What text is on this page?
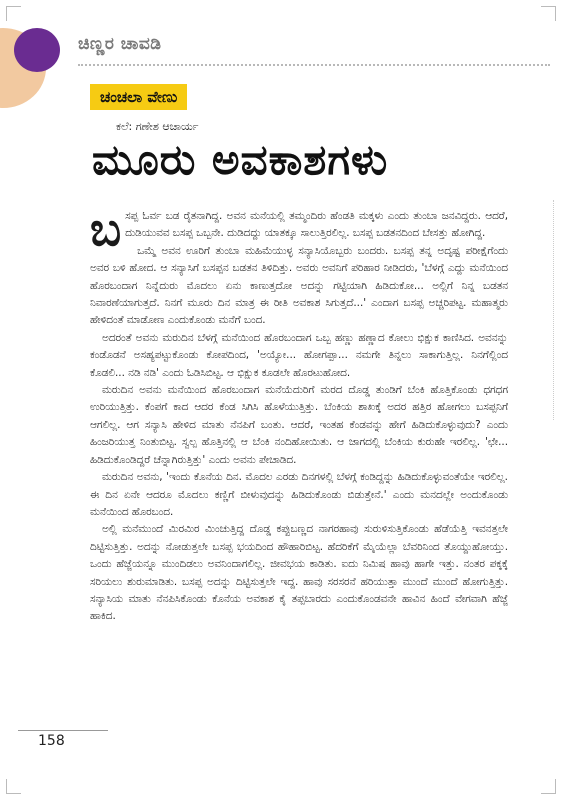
ಚಿಣ್ಣರ ಚಾವಡಿ
ಚಂಚಲಾ ವೇಣು
ಕಲೆ: ಗಣೇಶ ಆಚಾರ್ಯ
ಮೂರು ಅವಕಾಶಗಳು

ಬಸಪ್ಪ ಓರ್ವ ಬಡ ರೈತನಾಗಿದ್ದ. ಅವನ ಮನೆಯಲ್ಲಿ ತಮ್ಮಂದಿರು ಹೆಂಡತಿ ಮಕ್ಕಳು ಎಂದು ತುಂಬಾ ಜನವಿದ್ದರು. ಆದರೆ, ದುಡಿಯುವವ ಬಸಪ್ಪ ಒಬ್ಬನೇ. ದುಡಿದದ್ದು ಯಾತಕ್ಕೂ ಸಾಲುತ್ತಿರಲಿಲ್ಲ. ಬಸಪ್ಪ ಬಡತನದಿಂದ ಬೇಸತ್ತು ಹೋಗಿದ್ದ.

ಒಮ್ಮೆ ಅವನ ಊರಿಗೆ ತುಂಬಾ ಮಹಿಮೆಯುಳ್ಳ ಸನ್ಯಾಸಿಯೊಬ್ಬರು ಬಂದರು. ಬಸಪ್ಪ ತನ್ನ ಅದೃಷ್ಟ ಪರೀಕ್ಷೆಗೆಂದು ಅವರ ಬಳಿ ಹೋದ. ಆ ಸನ್ಯಾಸಿಗೆ ಬಸಪ್ಪನ ಬಡತನ ತಿಳಿದಿತ್ತು. ಅವರು ಅವನಿಗೆ ಪರಿಹಾರ ನೀಡಿದರು, 'ಬೆಳಗ್ಗೆ ಎದ್ದು ಮನೆಯಿಂದ ಹೊರಬಂದಾಗ ನಿನ್ನೆದುರು ಮೊದಲು ಏನು ಕಾಣುತ್ತದೋ ಅದನ್ನು ಗಟ್ಟಿಯಾಗಿ ಹಿಡಿದುಕೋ... ಅಲ್ಲಿಗೆ ನಿನ್ನ ಬಡತನ ನಿವಾರಣೆಯಾಗುತ್ತದೆ. ನಿನಗೆ ಮೂರು ದಿನ ಮಾತ್ರ ಈ ರೀತಿ ಅವಕಾಶ ಸಿಗುತ್ತದೆ...' ಎಂದಾಗ ಬಸಪ್ಪ ಅಚ್ಚರಿಪಟ್ಟ. ಮಹಾತ್ಮರು ಹೇಳಿದಂತೆ ಮಾಡೋಣ ಎಂದುಕೊಂಡು ಮನೆಗೆ ಬಂದ.

ಅದರಂತೆ ಅವನು ಮರುದಿನ ಬೆಳಗ್ಗೆ ಮನೆಯಿಂದ ಹೊರಬಂದಾಗ ಒಬ್ಬ ಹಣ್ಣು ಹಣ್ಣಾದ ಕೋಲು ಭಿಕ್ಷುಕ ಕಾಣಿಸಿದ. ಅವನನ್ನು ಕಂಡೊಡನೆ ಅಸಹ್ಯಪಟ್ಟುಕೊಂಡು ಕೋಪದಿಂದ, 'ಅಯ್ಯೋ... ಹೋಗಪ್ಪಾ... ನಮಗೇ ತಿನ್ನಲು ಸಾಕಾಗುತ್ತಿಲ್ಲ. ನಿನಗೆಲ್ಲಿಂದ ಕೊಡಲಿ... ನಡಿ ನಡಿ' ಎಂದು ಓಡಿಸಿಬಿಟ್ಟ. ಆ ಭಿಕ್ಷುಕ ಕೂಡಲೇ ಹೊರಟುಹೋದ.

ಮರುದಿನ ಅವನು ಮನೆಯಿಂದ ಹೊರಬಂದಾಗ ಮನೆಯೆದುರಿಗೆ ಮರದ ದೊಡ್ಡ ತುಂಡಿಗೆ ಬೆಂಕಿ ಹೊತ್ತಿಕೊಂಡು ಧಗಧಗ ಉರಿಯುತ್ತಿತ್ತು. ಕೆಂಪಗೆ ಕಾದ ಆದರ ಕೆಂಡ ಸಿಗಿಸಿ ಹೊಳೆಯುತ್ತಿತ್ತು. ಬೆಂಕಿಯ ಶಾಖಕ್ಕೆ ಅದರ ಹತ್ತಿರ ಹೋಗಲು ಬಸಪ್ಪನಿಗೆ ಆಗಲಿಲ್ಲ. ಆಗ ಸನ್ಯಾಸಿ ಹೇಳಿದ ಮಾತು ನೆನಪಿಗೆ ಬಂತು. ಆದರೆ, ಇಂತಹ ಕೆಂಡವನ್ನು ಹೇಗೆ ಹಿಡಿದುಕೊಳ್ಳುವುದು? ಎಂದು ಹಿಂಜರಿಯುತ್ತ ನಿಂತುಬಿಟ್ಟ. ಸ್ವಲ್ಪ ಹೊತ್ತಿನಲ್ಲಿ ಆ ಬೆಂಕಿ ನಂದಿಹೋಯಿತು. ಆ ಜಾಗದಲ್ಲಿ ಬೆಂಕಿಯ ಕುರುಹೇ ಇರಲಿಲ್ಲ. 'ಛೇ... ಹಿಡಿದುಕೊಂಡಿದ್ದರೆ ಚೆನ್ನಾಗಿರುತ್ತಿತ್ತು' ಎಂದು ಅವನು ಪೇಚಾಡಿದ.

ಮರುದಿನ ಅವನು, 'ಇಂದು ಕೊನೆಯ ದಿನ. ಮೊದಲ ಎರಡು ದಿನಗಳಲ್ಲಿ ಬೆಳಗ್ಗೆ ಕಂಡಿದ್ದನ್ನು ಹಿಡಿದುಕೊಳ್ಳುವಂತೆಯೇ ಇರಲಿಲ್ಲ. ಈ ದಿನ ಏನೇ ಆದರೂ ಮೊದಲು ಕಣ್ಣಿಗೆ ಬೀಳುವುದನ್ನು ಹಿಡಿದುಕೊಂಡು ಬಿಡುತ್ತೇನೆ.' ಎಂದು ಮನದಲ್ಲೇ ಅಂದುಕೊಂಡು ಮನೆಯಿಂದ ಹೊರಬಂದ.

ಅಲ್ಲಿ ಮನೆಮುಂದೆ ಮಿರಮಿರ ಮಿಂಚುತ್ತಿದ್ದ ದೊಡ್ಡ ಕಪ್ಪುಬಣ್ಣದ ನಾಗರಹಾವು ಸುರುಳಿಸುತ್ತಿಕೊಂಡು ಹೆಡೆಯೆತ್ತಿ ಇವನತ್ತಲೇ ದಿಟ್ಟಿಸುತ್ತಿತ್ತು. ಅದನ್ನು ನೋಡುತ್ತಲೇ ಬಸಪ್ಪ ಭಯದಿಂದ ಹೌಹಾರಿಬಿಟ್ಟ. ಹೆದರಿಕೆಗೆ ಮೈಯೆಲ್ಲಾ ಬೆವರಿನಿಂದ ತೊಯ್ದುಹೋಯ್ತು. ಒಂದು ಹೆಜ್ಜೆಯನ್ನೂ ಮುಂದಿಡಲು ಅವನಿಂದಾಗಲಿಲ್ಲ. ಜೀವಭಯ ಕಾಡಿತು. ಐದು ನಿಮಿಷ ಹಾವು ಹಾಗೇ ಇತ್ತು. ನಂತರ ಪಕ್ಕಕ್ಕೆ ಸರಿಯಲು ಶುರುಮಾಡಿತು. ಬಸಪ್ಪ ಅದನ್ನು ದಿಟ್ಟಿಸುತ್ತಲೇ ಇದ್ದ. ಹಾವು ಸರಸರನೆ ಹರಿಯುತ್ತಾ ಮುಂದೆ ಮುಂದೆ ಹೋಗುತ್ತಿತ್ತು. ಸನ್ಯಾಸಿಯ ಮಾತು ನೆನಪಿಸಿಕೊಂಡು ಕೊನೆಯ ಅವಕಾಶ ಕೈ ತಪ್ಪಬಾರದು ಎಂದುಕೊಂಡವನೇ ಹಾವಿನ ಹಿಂದೆ ವೇಗವಾಗಿ ಹೆಜ್ಜೆ ಹಾಕಿದ.

158
